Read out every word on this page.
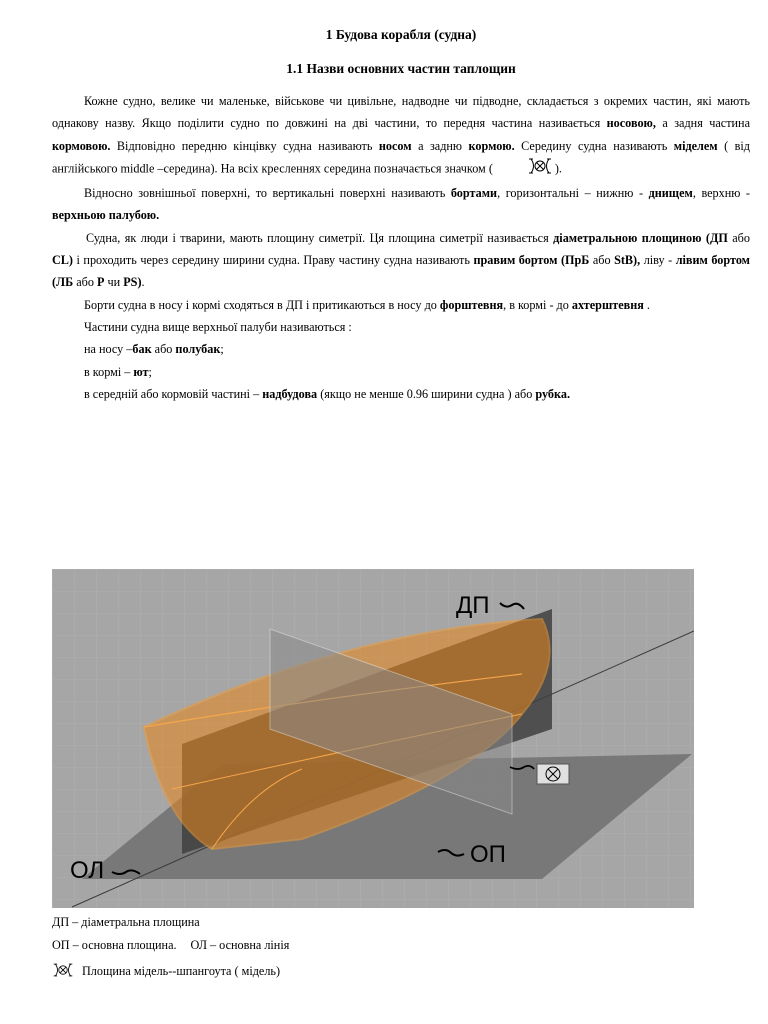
1 Будова корабля (судна)
1.1 Назви основних частин таплощин

Кожне судно, велике чи маленьке, військове чи цивільне, надводне чи підводне, складається з окремих частин, які мають однакову назву. Якщо поділити судно по довжині на дві частини, то передня частина називається носовою, а задня частина кормовою. Відповідно передню кінцівку судна називають носом а задню кормою. Середину судна називають міделем ( від англійського middle –середина). На всіх кресленнях середина позначається значком (	).

Відносно зовнішньої поверхні, то вертикальні поверхні називають бортами, горизонтальні – нижню - днищем, верхню - верхньою палубою.

Судна, як люди і тварини, мають площину симетрії. Ця площина симетрії називається діаметральною площиною (ДП або CL) і проходить через середину ширини судна. Праву частину судна називають правим бортом (ПрБ або StB), ліву - лівим бортом (ЛБ або P чи PS).

Борти судна в носу і кормі сходяться в ДП і притикаються в носу до форштевня, в кормі - до ахтерштевня .

Частини судна вище верхньої палуби називаються :

на носу –бак або полубак;

в кормі – ют;

в середній або кормовій частині – надбудова (якщо не менше 0.96 ширини судна ) або рубка.

ДП
ОП
ОЛ
ДП – діаметральна площина
ОП – основна площина. ОЛ – основна лінія
Площина мідель--шпангоута ( мідель)
